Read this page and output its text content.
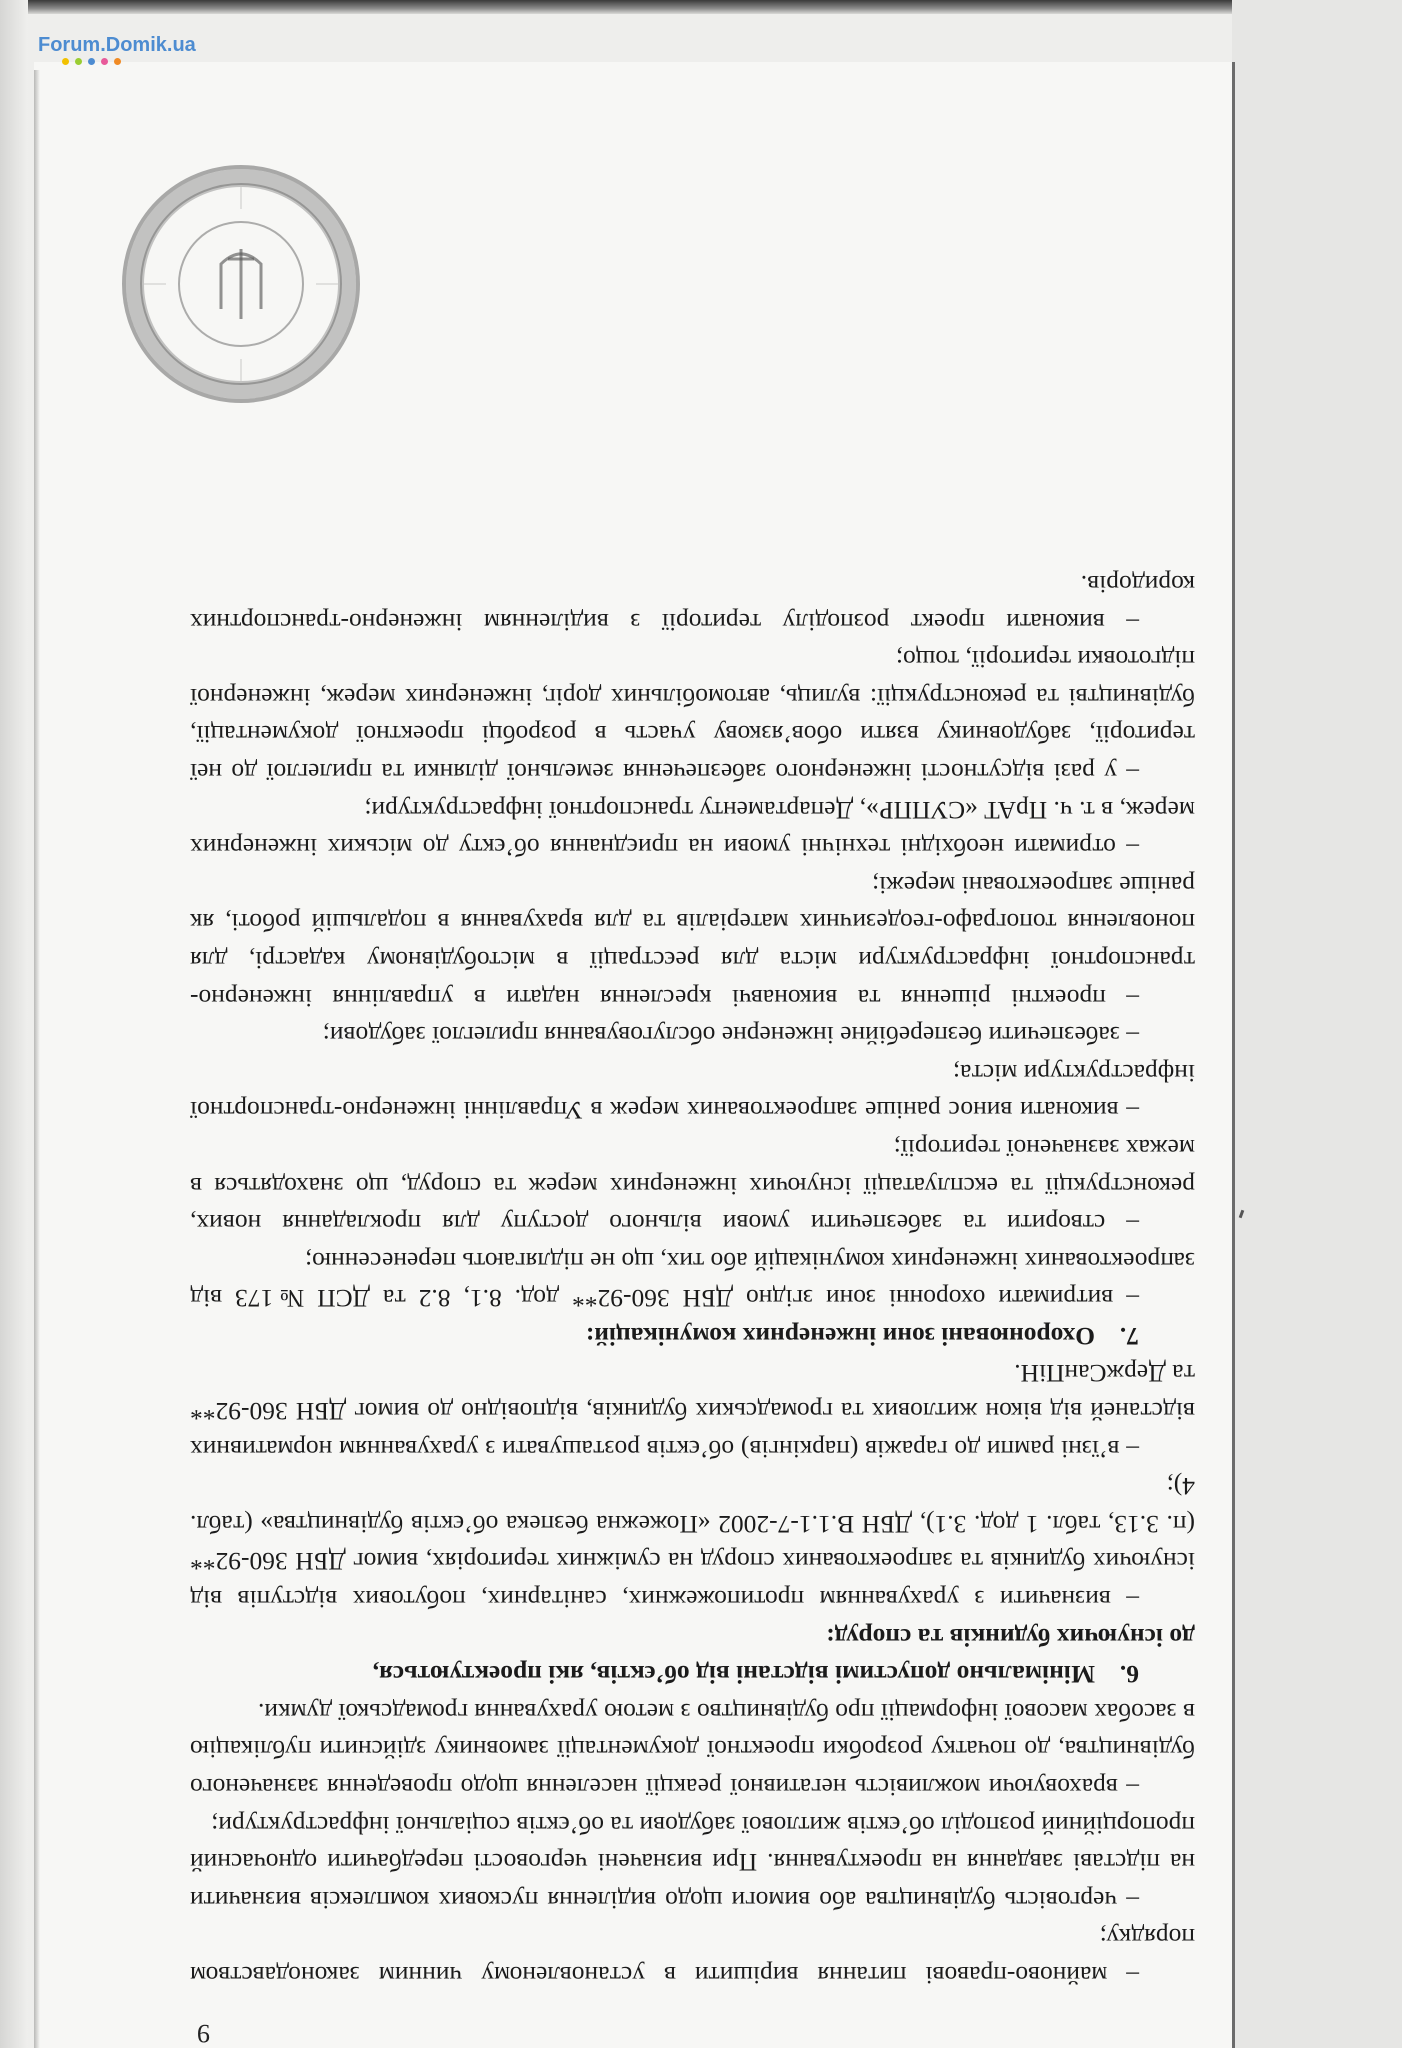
Forum.Domik.ua
9

– майново-правові питання вирішити в установленому чинним законодавством порядку;

– черговість будівництва або вимоги щодо виділення пускових комплексів визначити на підставі завдання на проектування. При визначені черговості передбачити одночасний пропорційний розподіл об’єктів житлової забудови та об’єктів соціальної інфраструктури;

– враховуючи можливість негативної реакції населення щодо проведення зазначеного будівництва, до початку розробки проектної документації замовнику здійснити публікацію в засобах масової інформації про будівництво з метою урахування громадської думки.

6.Мінімально допустимі відстані від об’єктів, які проектуються,

до існуючих будинків та споруд:

– визначити з урахуванням протипожежних, санітарних, побутових відступів від існуючих будинків та запроектованих споруд на суміжних територіях, вимог ДБН 360-92** (п. 3.13, табл. 1 дод. 3.1), ДБН В.1.1-7-2002 «Пожежна безпека об’єктів будівництва» (табл. 4);

– в’їзні рампи до гаражів (паркінгів) об’єктів розташувати з урахуванням нормативних відстаней від вікон житлових та громадських будинків, відповідно до вимог ДБН 360-92** та ДержСанПіН.

7.Охоронювані зони інженерних комунікацій:

– витримати охоронні зони згідно ДБН 360-92** дод. 8.1, 8.2 та ДСП №173 від запроектованих інженерних комунікацій або тих, що не підлягають перенесенню;

– створити та забезпечити умови вільного доступу для прокладання нових, реконструкції та експлуатації існуючих інженерних мереж та споруд, що знаходяться в межах зазначеної території;

– виконати винос раніше запроектованих мереж в Управлінні інженерно-транспортної інфраструктури міста;

– забезпечити безперебійне інженерне обслуговування прилеглої забудови;

– проектні рішення та виконавчі креслення надати в управління інженерно-транспортної інфраструктури міста для реєстрації в містобудівному кадастрі, для поновлення топографо-геодезичних матеріалів та для врахування в подальшій роботі, як раніше запроектовані мережі;

– отримати необхідні технічні умови на приєднання об’єкту до міських інженерних мереж, в т. ч. ПрАТ «СУППР», Департаменту транспортної інфраструктури;

– у разі відсутності інженерного забезпечення земельної ділянки та прилеглої до неї території, забудовнику взяти обов’язкову участь в розробці проектної документації, будівництві та реконструкції: вулиць, автомобільних доріг, інженерних мереж, інженерної підготовки території, тощо;

– виконати проект розподілу території з виділенням інженерно-транспортних коридорів.
